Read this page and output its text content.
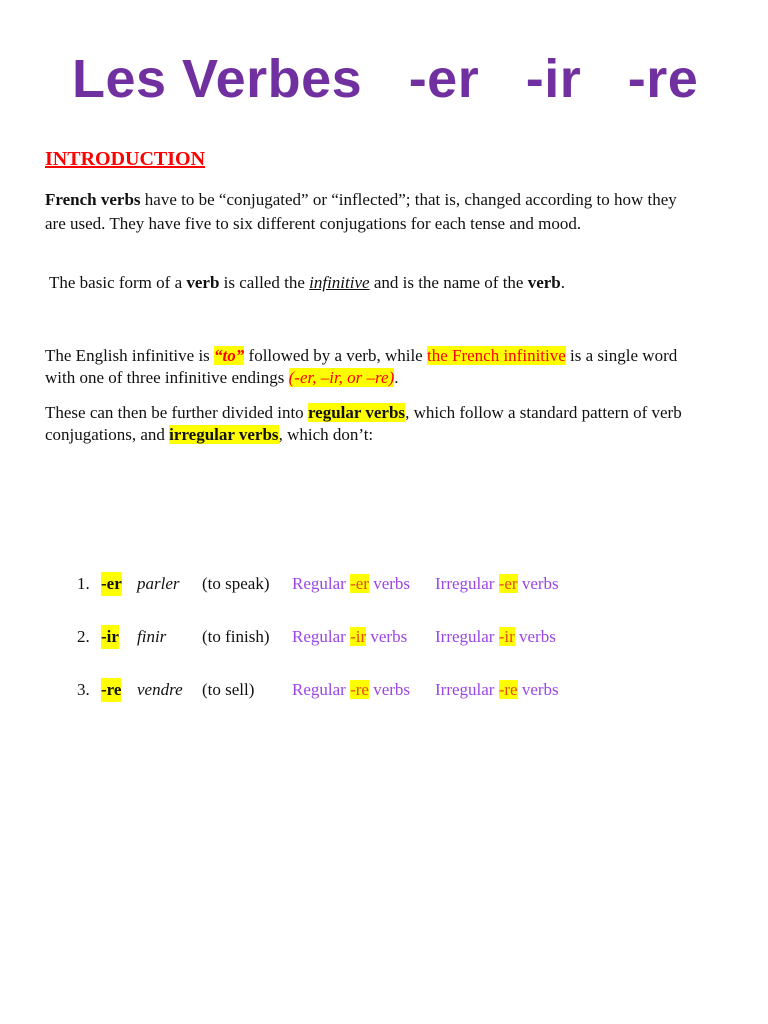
Les Verbes   -er   -ir   -re
INTRODUCTION

French verbs have to be “conjugated” or “inflected”; that is, changed according to how they are used. They have five to six different conjugations for each tense and mood.

The basic form of a verb is called the infinitive and is the name of the verb.

The English infinitive is “to” followed by a verb, while the French infinitive is a single word with one of three infinitive endings (-er, –ir, or –re).

These can then be further divided into regular verbs, which follow a standard pattern of verb conjugations, and irregular verbs, which don’t:

1. -er parler (to speak) Regular -er verbs Irregular -er verbs
2. -ir finir (to finish) Regular -ir verbs Irregular -ir verbs
3. -re vendre (to sell) Regular -re verbs Irregular -re verbs
